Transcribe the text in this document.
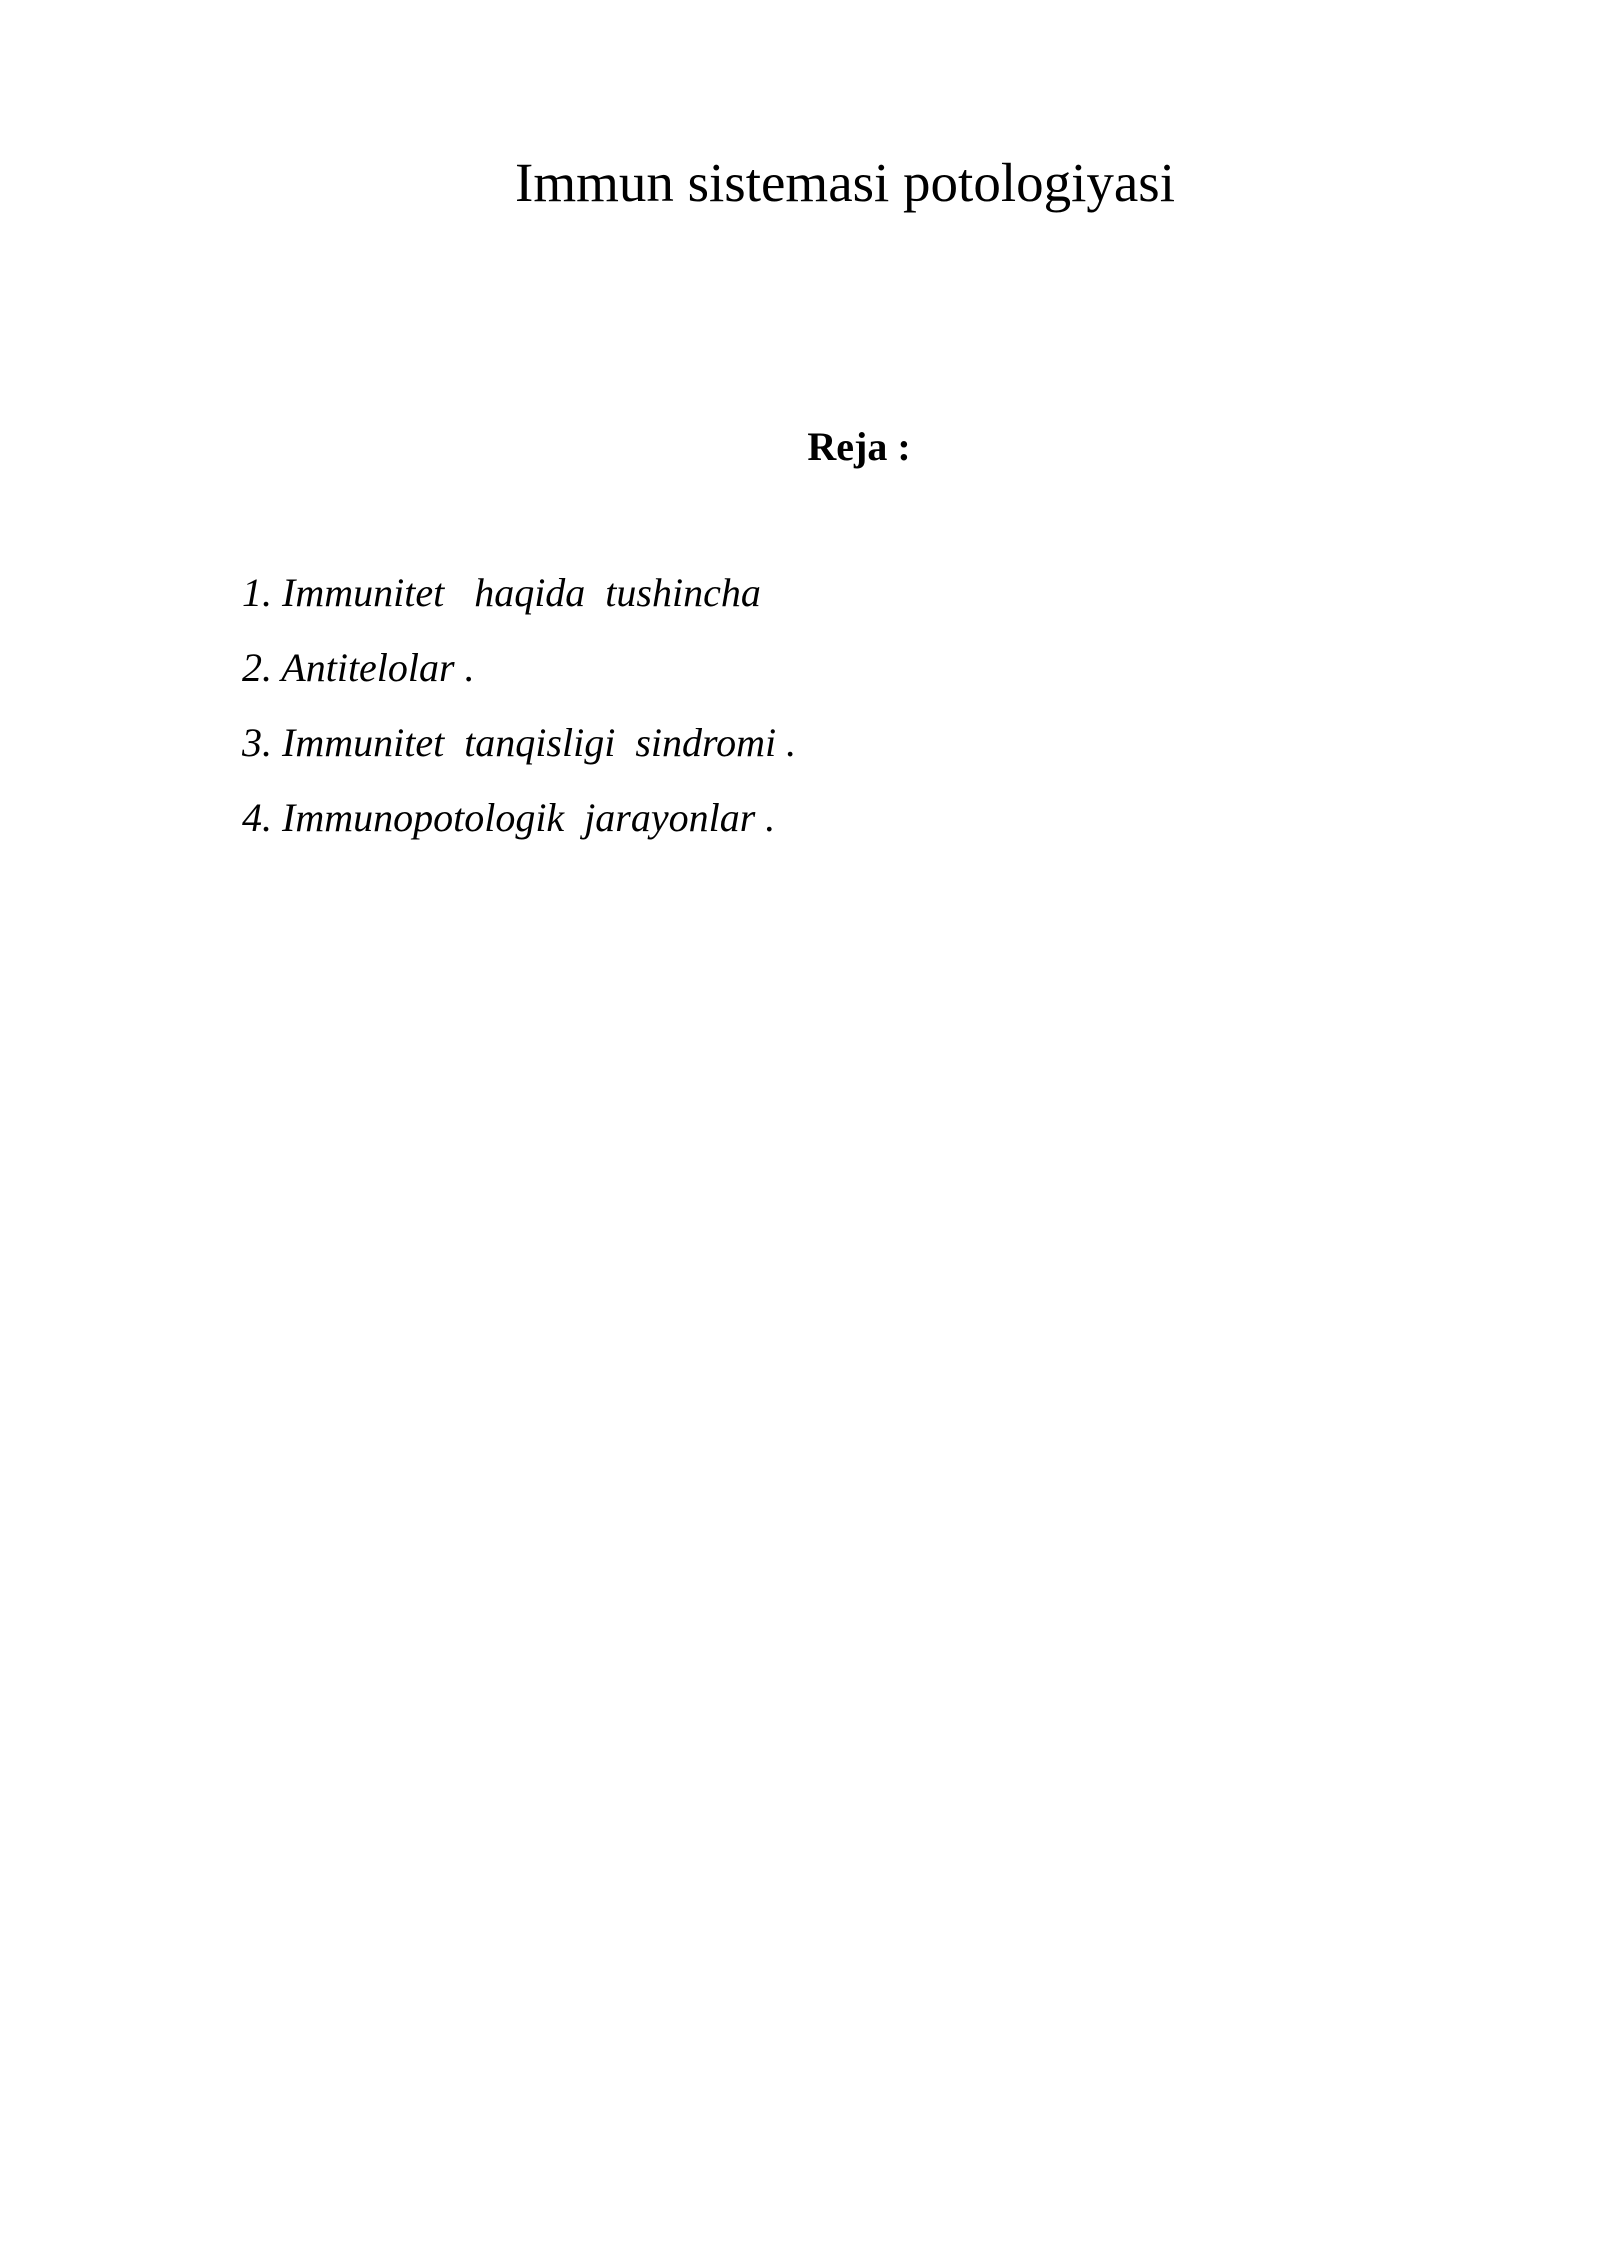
Immun sistemasi potologiyasi
Reja :
1. Immunitet   haqida  tushincha
2. Antitelolar .
3. Immunitet  tanqisligi  sindromi .
4. Immunopotologik  jarayonlar .
